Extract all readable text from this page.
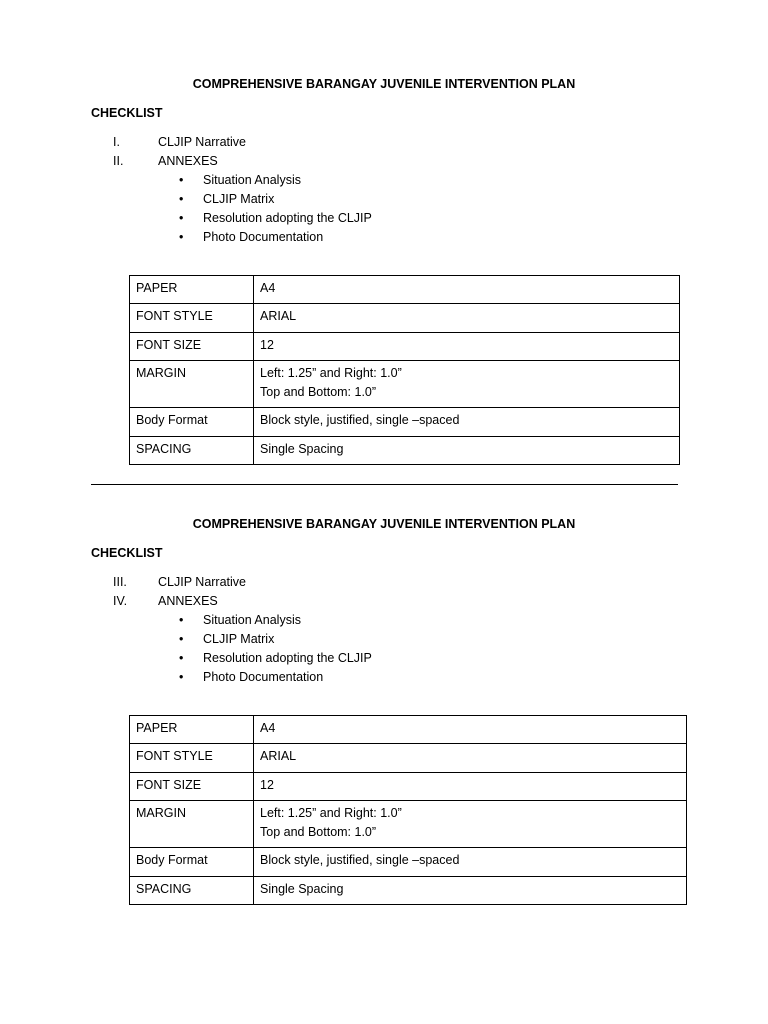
COMPREHENSIVE BARANGAY JUVENILE INTERVENTION PLAN
CHECKLIST
I.	CLJIP Narrative
II.	ANNEXES
• Situation Analysis
• CLJIP Matrix
• Resolution adopting the CLJIP
• Photo Documentation
PAPER	A4

FONT STYLE	ARIAL

FONT SIZE	12

MARGIN	Left: 1.25” and Right: 1.0”
Top and Bottom: 1.0”

Body Format	Block style, justified, single –spaced

SPACING	Single Spacing
COMPREHENSIVE BARANGAY JUVENILE INTERVENTION PLAN
CHECKLIST
III.	CLJIP Narrative
IV.	ANNEXES
• Situation Analysis
• CLJIP Matrix
• Resolution adopting the CLJIP
• Photo Documentation
PAPER	A4

FONT STYLE	ARIAL

FONT SIZE	12

MARGIN	Left: 1.25” and Right: 1.0”
Top and Bottom: 1.0”

Body Format	Block style, justified, single –spaced

SPACING	Single Spacing
